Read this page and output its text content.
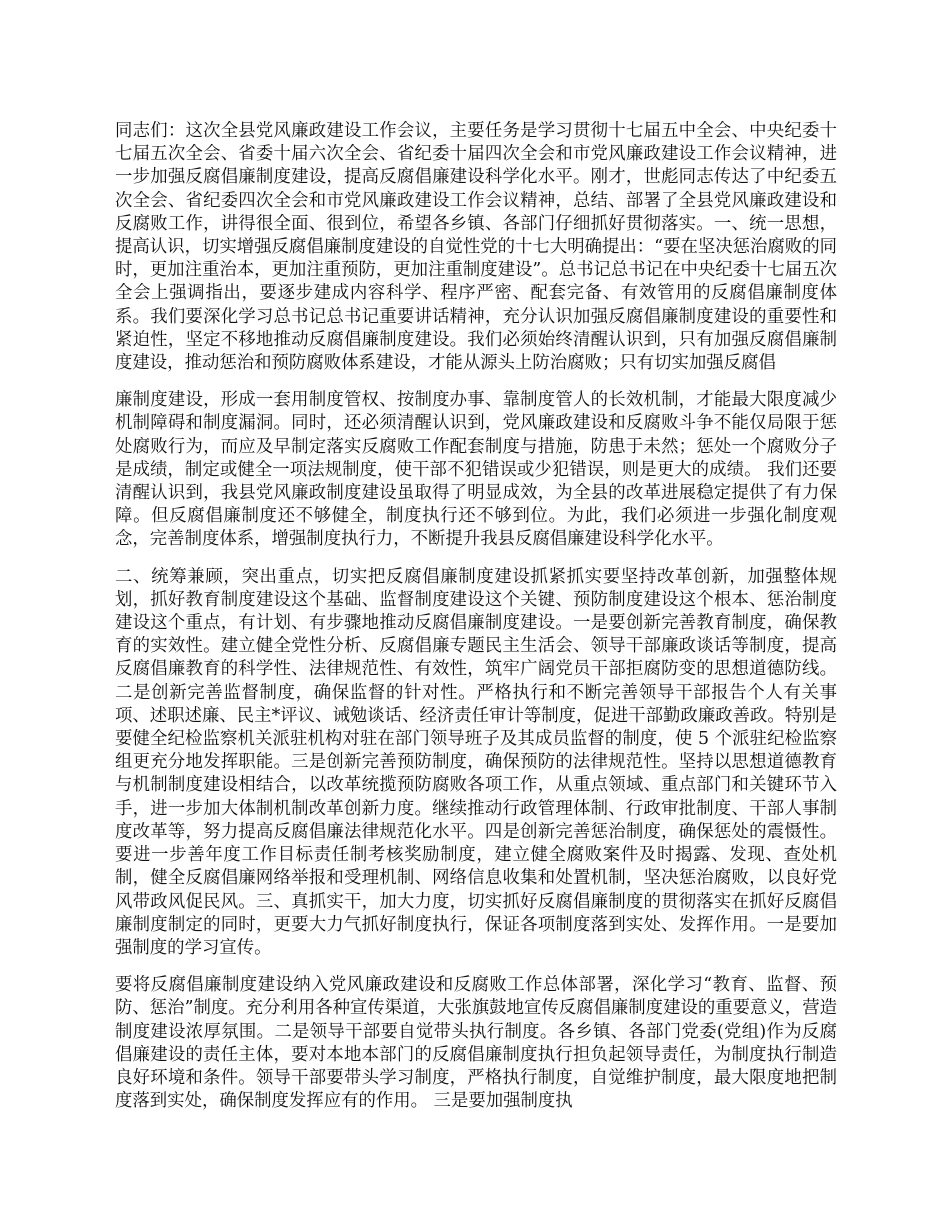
同志们：这次全县党风廉政建设工作会议，主要任务是学习贯彻十七届五中全会、中央纪委十七届五次全会、省委十届六次全会、省纪委十届四次全会和市党风廉政建设工作会议精神，进一步加强反腐倡廉制度建设，提高反腐倡廉建设科学化水平。刚才，世彪同志传达了中纪委五次全会、省纪委四次全会和市党风廉政建设工作会议精神，总结、部署了全县党风廉政建设和反腐败工作，讲得很全面、很到位，希望各乡镇、各部门仔细抓好贯彻落实。一、统一思想，提高认识，切实增强反腐倡廉制度建设的自觉性党的十七大明确提出：“要在坚决惩治腐败的同时，更加注重治本，更加注重预防，更加注重制度建设”。总书记总书记在中央纪委十七届五次全会上强调指出，要逐步建成内容科学、程序严密、配套完备、有效管用的反腐倡廉制度体系。我们要深化学习总书记总书记重要讲话精神，充分认识加强反腐倡廉制度建设的重要性和紧迫性，坚定不移地推动反腐倡廉制度建设。我们必须始终清醒认识到，只有加强反腐倡廉制度建设，推动惩治和预防腐败体系建设，才能从源头上防治腐败；只有切实加强反腐倡

廉制度建设，形成一套用制度管权、按制度办事、靠制度管人的长效机制，才能最大限度减少机制障碍和制度漏洞。同时，还必须清醒认识到，党风廉政建设和反腐败斗争不能仅局限于惩处腐败行为，而应及早制定落实反腐败工作配套制度与措施，防患于未然；惩处一个腐败分子是成绩，制定或健全一项法规制度，使干部不犯错误或少犯错误，则是更大的成绩。 我们还要清醒认识到，我县党风廉政制度建设虽取得了明显成效，为全县的改革进展稳定提供了有力保障。但反腐倡廉制度还不够健全，制度执行还不够到位。为此，我们必须进一步强化制度观念，完善制度体系，增强制度执行力，不断提升我县反腐倡廉建设科学化水平。

二、统筹兼顾，突出重点，切实把反腐倡廉制度建设抓紧抓实要坚持改革创新，加强整体规划，抓好教育制度建设这个基础、监督制度建设这个关键、预防制度建设这个根本、惩治制度建设这个重点，有计划、有步骤地推动反腐倡廉制度建设。一是要创新完善教育制度，确保教育的实效性。建立健全党性分析、反腐倡廉专题民主生活会、领导干部廉政谈话等制度，提高反腐倡廉教育的科学性、法律规范性、有效性，筑牢广阔党员干部拒腐防变的思想道德防线。二是创新完善监督制度，确保监督的针对性。严格执行和不断完善领导干部报告个人有关事项、述职述廉、民主*评议、诫勉谈话、经济责任审计等制度，促进干部勤政廉政善政。特别是要健全纪检监察机关派驻机构对驻在部门领导班子及其成员监督的制度，使 5 个派驻纪检监察组更充分地发挥职能。三是创新完善预防制度，确保预防的法律规范性。坚持以思想道德教育与机制制度建设相结合，以改革统揽预防腐败各项工作，从重点领域、重点部门和关键环节入手，进一步加大体制机制改革创新力度。继续推动行政管理体制、行政审批制度、干部人事制度改革等，努力提高反腐倡廉法律规范化水平。四是创新完善惩治制度，确保惩处的震慑性。要进一步善年度工作目标责任制考核奖励制度，建立健全腐败案件及时揭露、发现、查处机制，健全反腐倡廉网络举报和受理机制、网络信息收集和处置机制，坚决惩治腐败，以良好党风带政风促民风。三、真抓实干，加大力度，切实抓好反腐倡廉制度的贯彻落实在抓好反腐倡廉制度制定的同时，更要大力气抓好制度执行，保证各项制度落到实处、发挥作用。一是要加强制度的学习宣传。

要将反腐倡廉制度建设纳入党风廉政建设和反腐败工作总体部署，深化学习“教育、监督、预防、惩治”制度。充分利用各种宣传渠道，大张旗鼓地宣传反腐倡廉制度建设的重要意义，营造制度建设浓厚氛围。二是领导干部要自觉带头执行制度。各乡镇、各部门党委(党组)作为反腐倡廉建设的责任主体，要对本地本部门的反腐倡廉制度执行担负起领导责任，为制度执行制造良好环境和条件。领导干部要带头学习制度，严格执行制度，自觉维护制度，最大限度地把制度落到实处，确保制度发挥应有的作用。 三是要加强制度执
